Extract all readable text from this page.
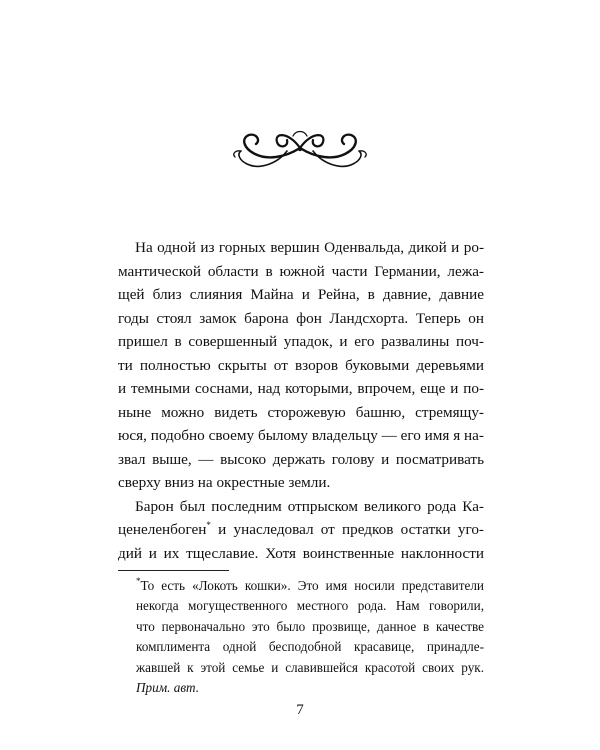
На одной из горных вершин Оденвальда, дикой и ро-
мантической области в южной части Германии, лежа-
щей близ слияния Майна и Рейна, в давние, давние
годы стоял замок барона фон Ландсхорта. Теперь он
пришел в совершенный упадок, и его развалины поч-
ти полностью скрыты от взоров буковыми деревьями
и темными соснами, над которыми, впрочем, еще и по-
ныне можно видеть сторожевую башню, стремящу-
юся, подобно своему былому владельцу — его имя я на-
звал выше, — высоко держать голову и посматривать
сверху вниз на окрестные земли.

Барон был последним отпрыском великого рода Ка-
ценеленбоген* и унаследовал от предков остатки уго-
дий и их тщеславие. Хотя воинственные наклонности

*То есть «Локоть кошки». Это имя носили представители
некогда могущественного местного рода. Нам говорили,
что первоначально это было прозвище, данное в качестве
комплимента одной бесподобной красавице, принадле-
жавшей к этой семье и славившейся красотой своих рук.
Прим. авт.
7
